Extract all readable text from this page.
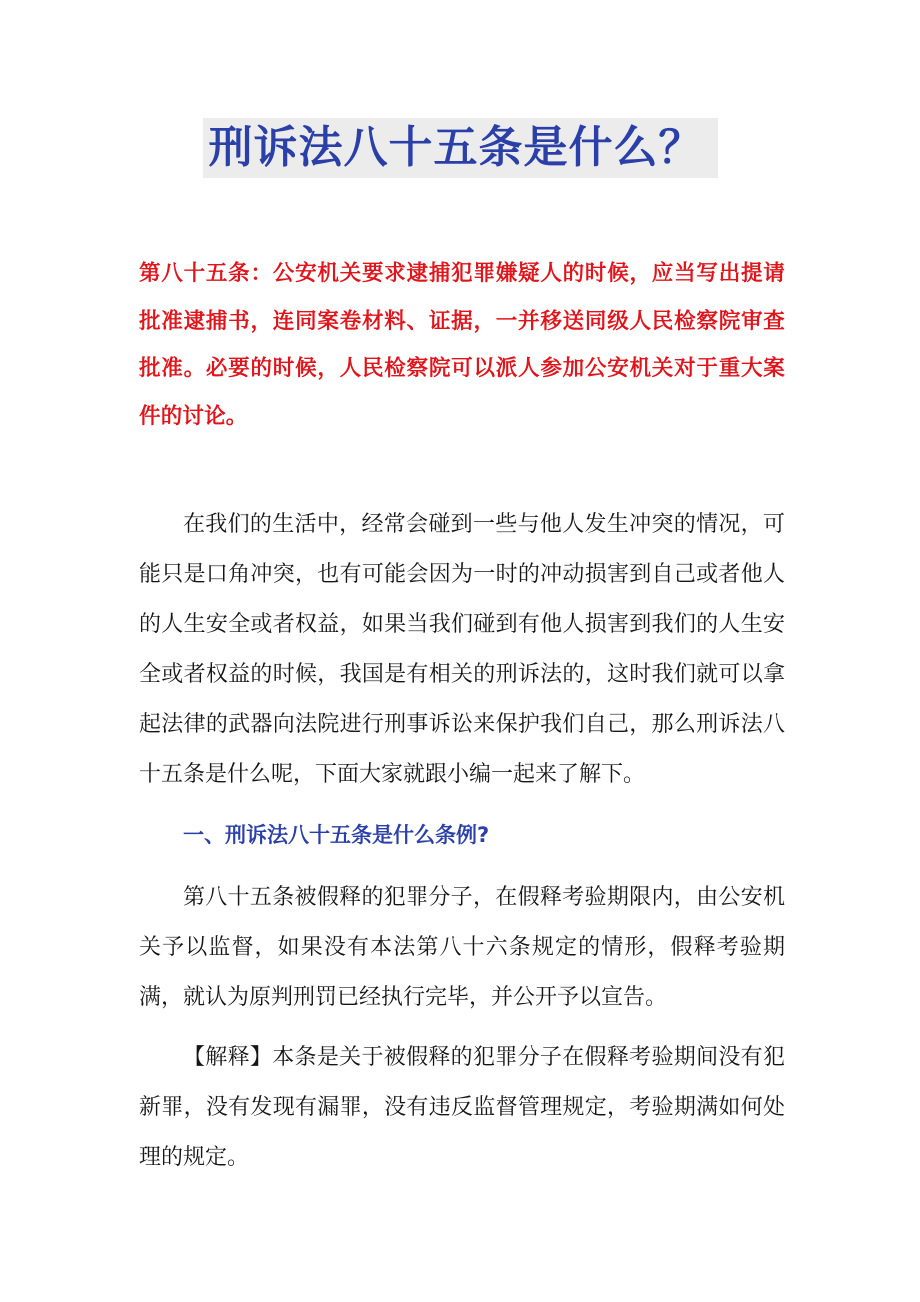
刑诉法八十五条是什么？
第八十五条：公安机关要求逮捕犯罪嫌疑人的时候，应当写出提请批准逮捕书，连同案卷材料、证据，一并移送同级人民检察院审查批准。必要的时候，人民检察院可以派人参加公安机关对于重大案件的讨论。
在我们的生活中，经常会碰到一些与他人发生冲突的情况，可能只是口角冲突，也有可能会因为一时的冲动损害到自己或者他人的人生安全或者权益，如果当我们碰到有他人损害到我们的人生安全或者权益的时候，我国是有相关的刑诉法的，这时我们就可以拿起法律的武器向法院进行刑事诉讼来保护我们自己，那么刑诉法八十五条是什么呢，下面大家就跟小编一起来了解下。
一、刑诉法八十五条是什么条例?
第八十五条被假释的犯罪分子，在假释考验期限内，由公安机关予以监督，如果没有本法第八十六条规定的情形，假释考验期满，就认为原判刑罚已经执行完毕，并公开予以宣告。
【解释】本条是关于被假释的犯罪分子在假释考验期间没有犯新罪，没有发现有漏罪，没有违反监督管理规定，考验期满如何处理的规定。
